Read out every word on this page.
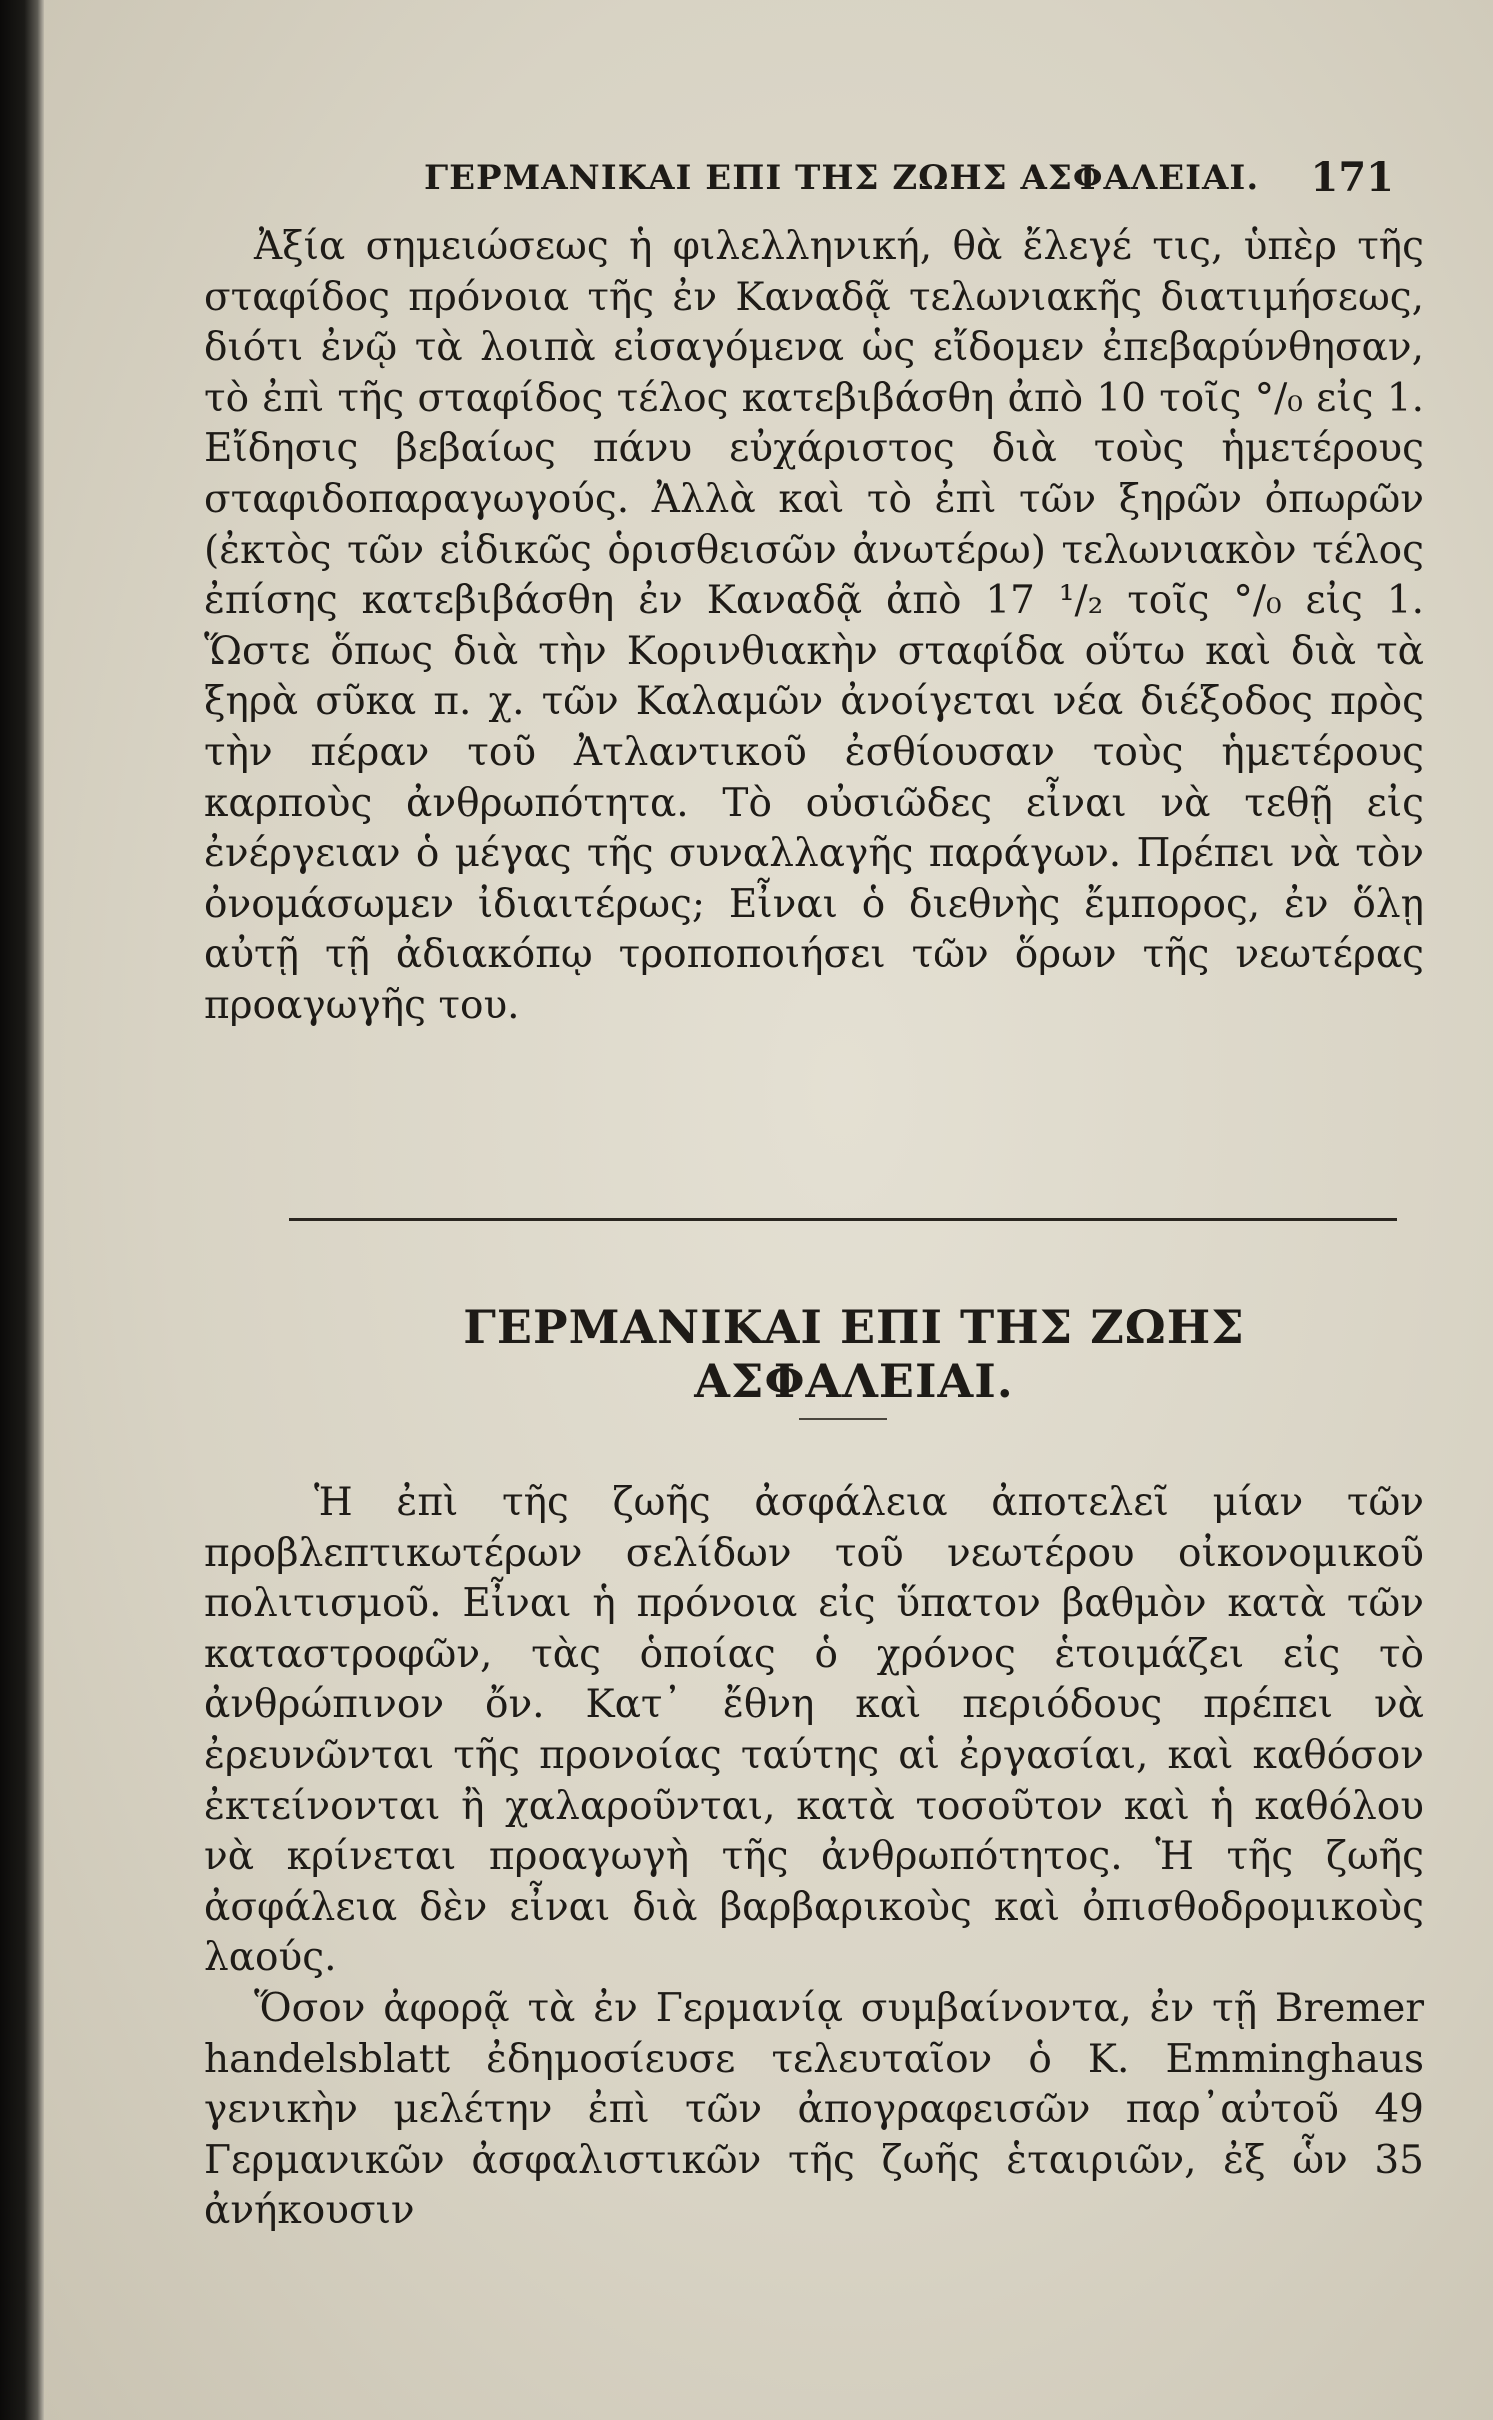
ΓΕΡΜΑΝΙΚΑΙ ΕΠΙ ΤΗΣ ΖΩΗΣ ΑΣΦΑΛΕΙΑΙ. 171

Ἀξία σημειώσεως ἡ φιλελληνική, θὰ ἔλεγέ τις, ὑπὲρ τῆς σταφίδος πρόνοια τῆς ἐν Καναδᾷ τελωνιακῆς διατιμήσεως, διότι ἐνῷ τὰ λοιπὰ εἰσαγόμενα ὡς εἴδομεν ἐπεβαρύνθησαν, τὸ ἐπὶ τῆς σταφίδος τέλος κατεβιβάσθη ἀπὸ 10 τοῖς °/₀ εἰς 1. Εἴδησις βεβαίως πάνυ εὐχάριστος διὰ τοὺς ἡμετέρους σταφιδοπαραγωγούς. Ἀλλὰ καὶ τὸ ἐπὶ τῶν ξηρῶν ὀπωρῶν (ἐκτὸς τῶν εἰδικῶς ὁρισθεισῶν ἀνωτέρω) τελωνιακὸν τέλος ἐπίσης κατεβιβάσθη ἐν Καναδᾷ ἀπὸ 17 ¹/₂ τοῖς °/₀ εἰς 1. Ὥστε ὅπως διὰ τὴν Κορινθιακὴν σταφίδα οὕτω καὶ διὰ τὰ ξηρὰ σῦκα π. χ. τῶν Καλαμῶν ἀνοίγεται νέα διέξοδος πρὸς τὴν πέραν τοῦ Ἀτλαντικοῦ ἐσθίουσαν τοὺς ἡμετέρους καρποὺς ἀνθρωπότητα. Τὸ οὐσιῶδες εἶναι νὰ τεθῇ εἰς ἐνέργειαν ὁ μέγας τῆς συναλλαγῆς παράγων. Πρέπει νὰ τὸν ὀνομάσωμεν ἰδιαιτέρως; Εἶναι ὁ διεθνὴς ἔμπορος, ἐν ὅλῃ αὐτῇ τῇ ἀδιακόπῳ τροποποιήσει τῶν ὅρων τῆς νεωτέρας προαγωγῆς του.

ΓΕΡΜΑΝΙΚΑΙ ΕΠΙ ΤΗΣ ΖΩΗΣ ΑΣΦΑΛΕΙΑΙ.

Ἡ ἐπὶ τῆς ζωῆς ἀσφάλεια ἀποτελεῖ μίαν τῶν προβλεπτικωτέρων σελίδων τοῦ νεωτέρου οἰκονομικοῦ πολιτισμοῦ. Εἶναι ἡ πρόνοια εἰς ὕπατον βαθμὸν κατὰ τῶν καταστροφῶν, τὰς ὁποίας ὁ χρόνος ἑτοιμάζει εἰς τὸ ἀνθρώπινον ὄν. Κατ᾽ ἔθνη καὶ περιόδους πρέπει νὰ ἐρευνῶνται τῆς προνοίας ταύτης αἱ ἐργασίαι, καὶ καθόσον ἐκτείνονται ἢ χαλαροῦνται, κατὰ τοσοῦτον καὶ ἡ καθόλου νὰ κρίνεται προαγωγὴ τῆς ἀνθρωπότητος. Ἡ τῆς ζωῆς ἀσφάλεια δὲν εἶναι διὰ βαρβαρικοὺς καὶ ὀπισθοδρομικοὺς λαούς.

Ὅσον ἀφορᾷ τὰ ἐν Γερμανίᾳ συμβαίνοντα, ἐν τῇ Bremer handelsblatt ἐδημοσίευσε τελευταῖον ὁ Κ. Emminghaus γενικὴν μελέτην ἐπὶ τῶν ἀπογραφεισῶν παρ᾽αὐτοῦ 49 Γερμανικῶν ἀσφαλιστικῶν τῆς ζωῆς ἑταιριῶν, ἐξ ὧν 35 ἀνήκουσιν
